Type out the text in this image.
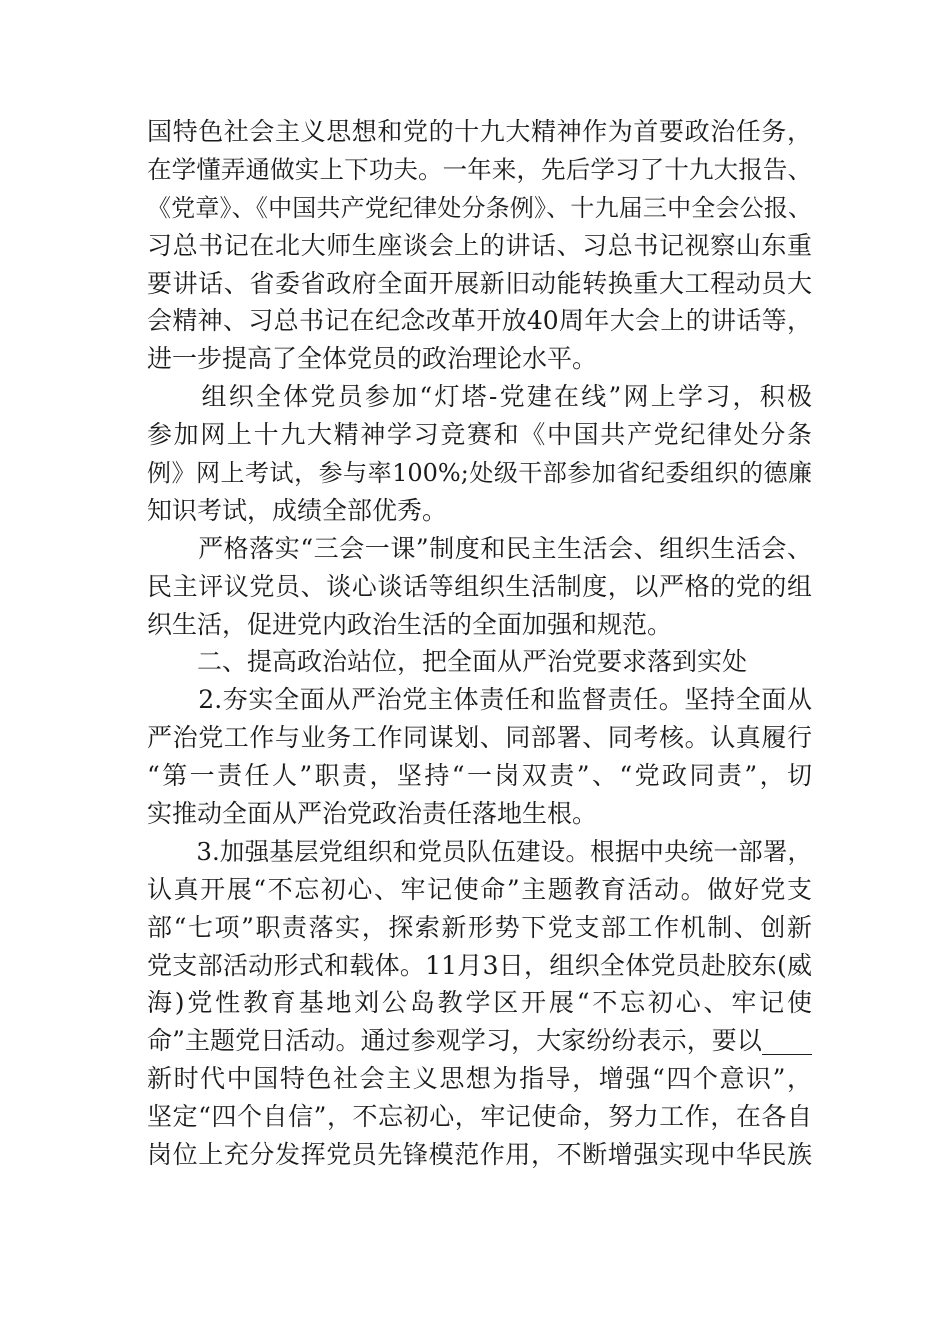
国特色社会主义思想和党的十九大精神作为首要政治任务，
在学懂弄通做实上下功夫。一年来，先后学习了十九大报告、
《党章》、《中国共产党纪律处分条例》、十九届三中全会公报、
习总书记在北大师生座谈会上的讲话、习总书记视察山东重
要讲话、省委省政府全面开展新旧动能转换重大工程动员大
会精神、习总书记在纪念改革开放40周年大会上的讲话等，
进一步提高了全体党员的政治理论水平。
　　组织全体党员参加“灯塔-党建在线”网上学习，积极
参加网上十九大精神学习竞赛和《中国共产党纪律处分条
例》网上考试，参与率100%;处级干部参加省纪委组织的德廉
知识考试，成绩全部优秀。
　　严格落实“三会一课”制度和民主生活会、组织生活会、
民主评议党员、谈心谈话等组织生活制度，以严格的党的组
织生活，促进党内政治生活的全面加强和规范。
　　二、提高政治站位，把全面从严治党要求落到实处
　　2.夯实全面从严治党主体责任和监督责任。坚持全面从
严治党工作与业务工作同谋划、同部署、同考核。认真履行
“第一责任人”职责，坚持“一岗双责”、“党政同责”，切
实推动全面从严治党政治责任落地生根。
　　3.加强基层党组织和党员队伍建设。根据中央统一部署，
认真开展“不忘初心、牢记使命”主题教育活动。做好党支
部“七项”职责落实，探索新形势下党支部工作机制、创新
党支部活动形式和载体。11月3日，组织全体党员赴胶东(威
海)党性教育基地刘公岛教学区开展“不忘初心、牢记使
命”主题党日活动。通过参观学习，大家纷纷表示，要以____
新时代中国特色社会主义思想为指导，增强“四个意识”，
坚定“四个自信”，不忘初心，牢记使命，努力工作，在各自
岗位上充分发挥党员先锋模范作用，不断增强实现中华民族
